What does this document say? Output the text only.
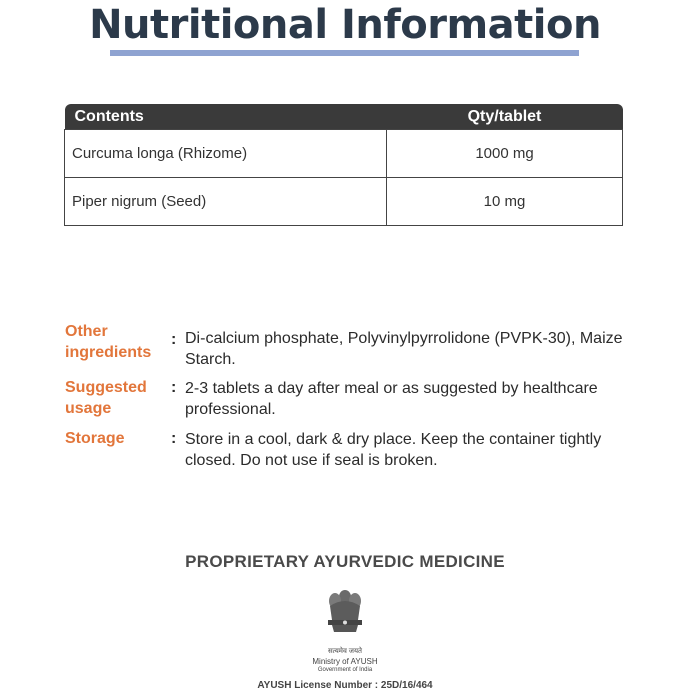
Nutritional Information
Contents	Qty/tablet
Curcuma longa (Rhizome)	1000 mg
Piper nigrum (Seed)	10 mg
Other
ingredients
: Di-calcium phosphate, Polyvinylpyrrolidone (PVPK-30), Maize Starch.
Suggested
usage
: 2-3 tablets a day after meal or as suggested by healthcare professional.
Storage	: Store in a cool, dark & dry place. Keep the container tightly closed. Do not use if seal is broken.
PROPRIETARY AYURVEDIC MEDICINE
सत्यमेव जयते
Ministry of AYUSH
Government of India
AYUSH License Number : 25D/16/464
